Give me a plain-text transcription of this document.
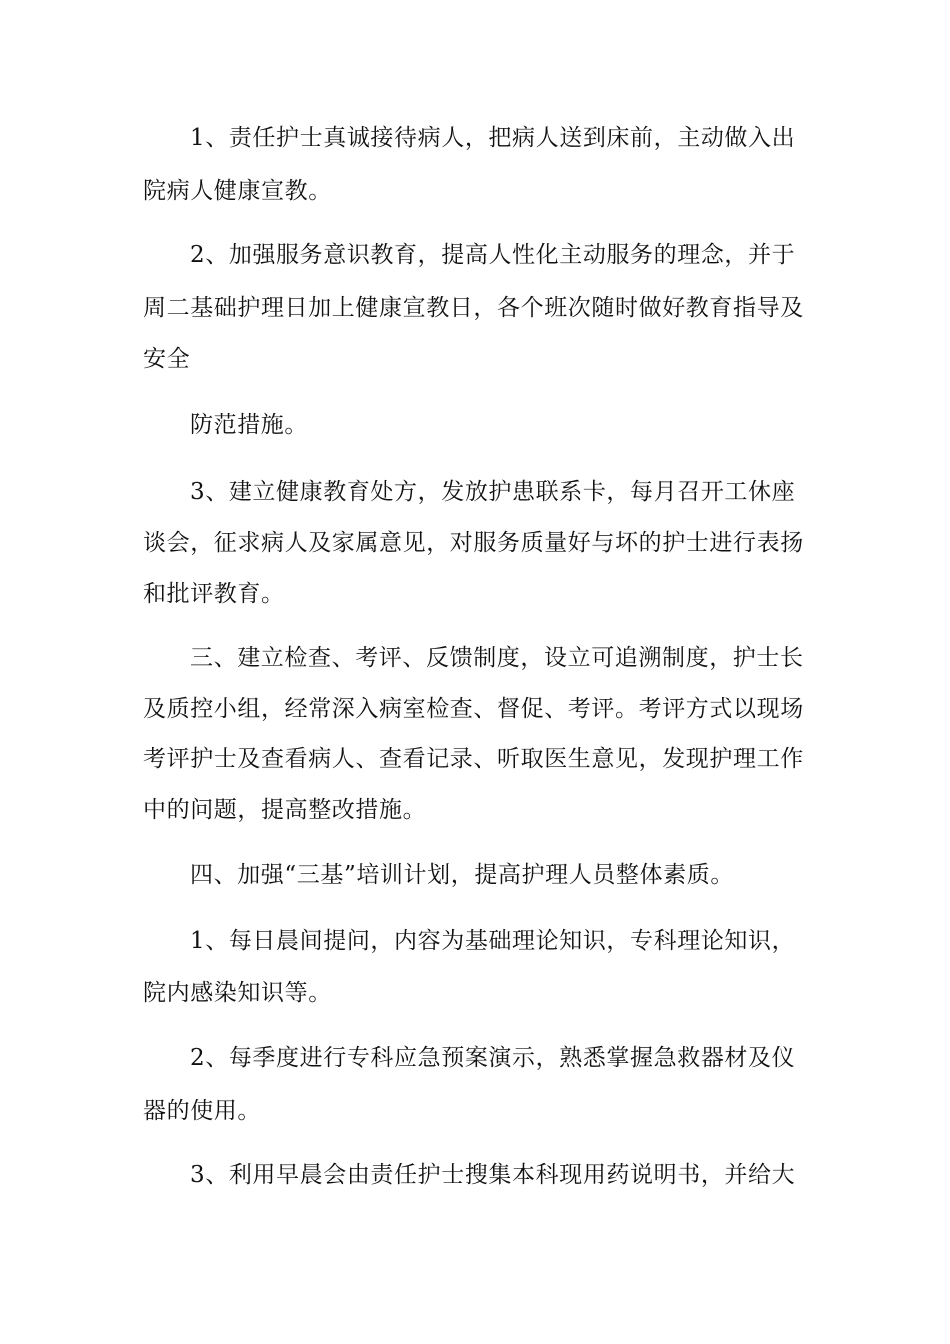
1、责任护士真诚接待病人，把病人送到床前，主动做入出
院病人健康宣教。
2、加强服务意识教育，提高人性化主动服务的理念，并于
周二基础护理日加上健康宣教日，各个班次随时做好教育指导及
安全
防范措施。
3、建立健康教育处方，发放护患联系卡，每月召开工休座
谈会，征求病人及家属意见，对服务质量好与坏的护士进行表扬
和批评教育。
三、建立检查、考评、反馈制度，设立可追溯制度，护士长
及质控小组，经常深入病室检查、督促、考评。考评方式以现场
考评护士及查看病人、查看记录、听取医生意见，发现护理工作
中的问题，提高整改措施。
四、加强“三基”培训计划，提高护理人员整体素质。
1、每日晨间提问，内容为基础理论知识，专科理论知识，
院内感染知识等。
2、每季度进行专科应急预案演示，熟悉掌握急救器材及仪
器的使用。
3、利用早晨会由责任护士搜集本科现用药说明书，并给大
